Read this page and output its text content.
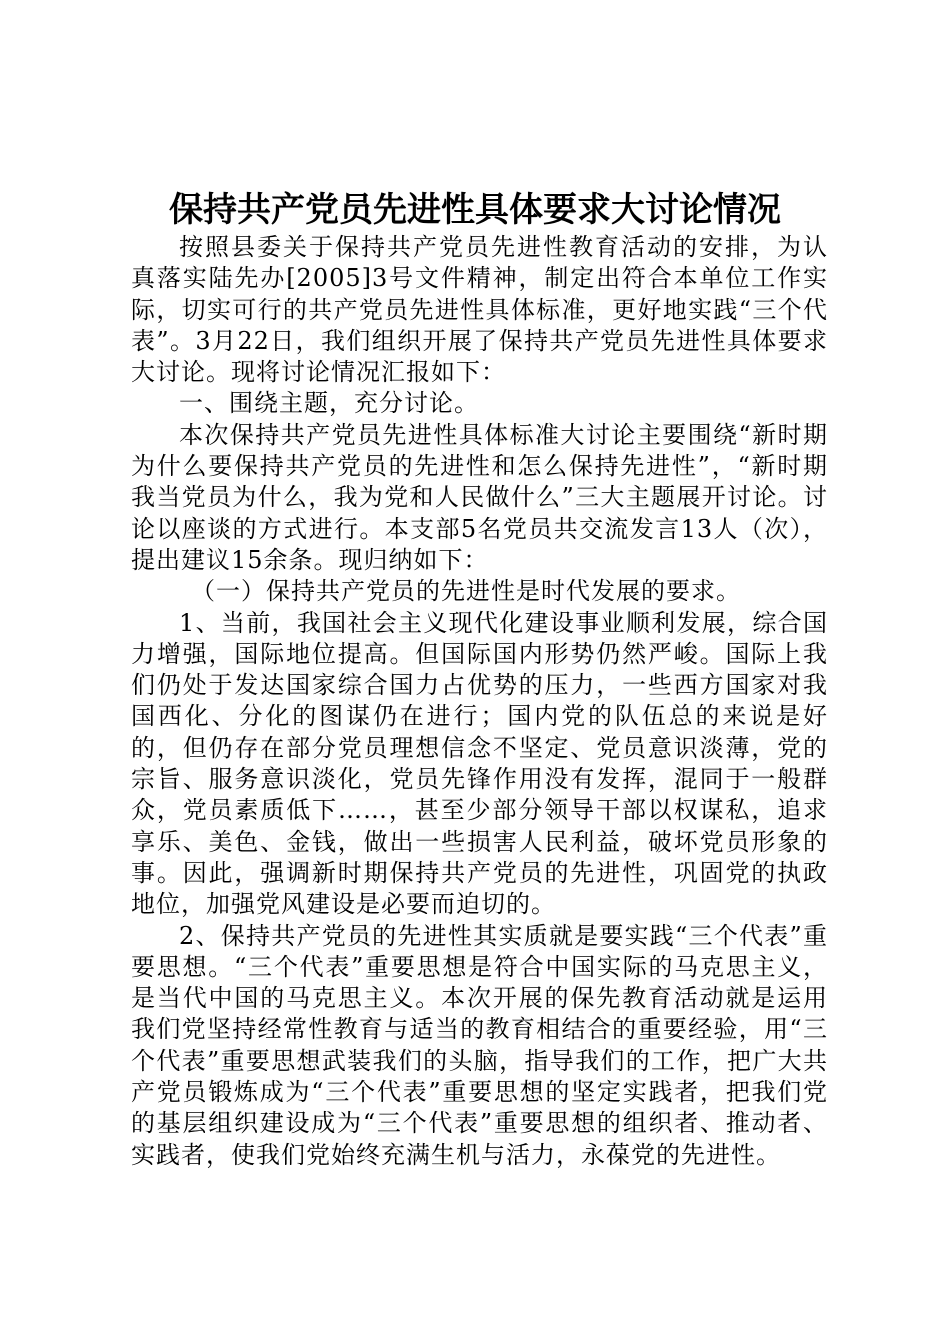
保持共产党员先进性具体要求大讨论情况

按照县委关于保持共产党员先进性教育活动的安排，为认真落实陆先办[2005]3号文件精神，制定出符合本单位工作实际，切实可行的共产党员先进性具体标准，更好地实践“三个代表”。3月22日，我们组织开展了保持共产党员先进性具体要求大讨论。现将讨论情况汇报如下：

一、围绕主题，充分讨论。

本次保持共产党员先进性具体标准大讨论主要围绕“新时期为什么要保持共产党员的先进性和怎么保持先进性”，“新时期我当党员为什么，我为党和人民做什么”三大主题展开讨论。讨论以座谈的方式进行。本支部5名党员共交流发言13人（次），提出建议15余条。现归纳如下：

（一）保持共产党员的先进性是时代发展的要求。

1、当前，我国社会主义现代化建设事业顺利发展，综合国力增强，国际地位提高。但国际国内形势仍然严峻。国际上我们仍处于发达国家综合国力占优势的压力，一些西方国家对我国西化、分化的图谋仍在进行；国内党的队伍总的来说是好的，但仍存在部分党员理想信念不坚定、党员意识淡薄，党的宗旨、服务意识淡化，党员先锋作用没有发挥，混同于一般群众，党员素质低下……，甚至少部分领导干部以权谋私，追求享乐、美色、金钱，做出一些损害人民利益，破坏党员形象的事。因此，强调新时期保持共产党员的先进性，巩固党的执政地位，加强党风建设是必要而迫切的。

2、保持共产党员的先进性其实质就是要实践“三个代表”重要思想。“三个代表”重要思想是符合中国实际的马克思主义，是当代中国的马克思主义。本次开展的保先教育活动就是运用我们党坚持经常性教育与适当的教育相结合的重要经验，用“三个代表”重要思想武装我们的头脑，指导我们的工作，把广大共产党员锻炼成为“三个代表”重要思想的坚定实践者，把我们党的基层组织建设成为“三个代表”重要思想的组织者、推动者、实践者，使我们党始终充满生机与活力，永葆党的先进性。
